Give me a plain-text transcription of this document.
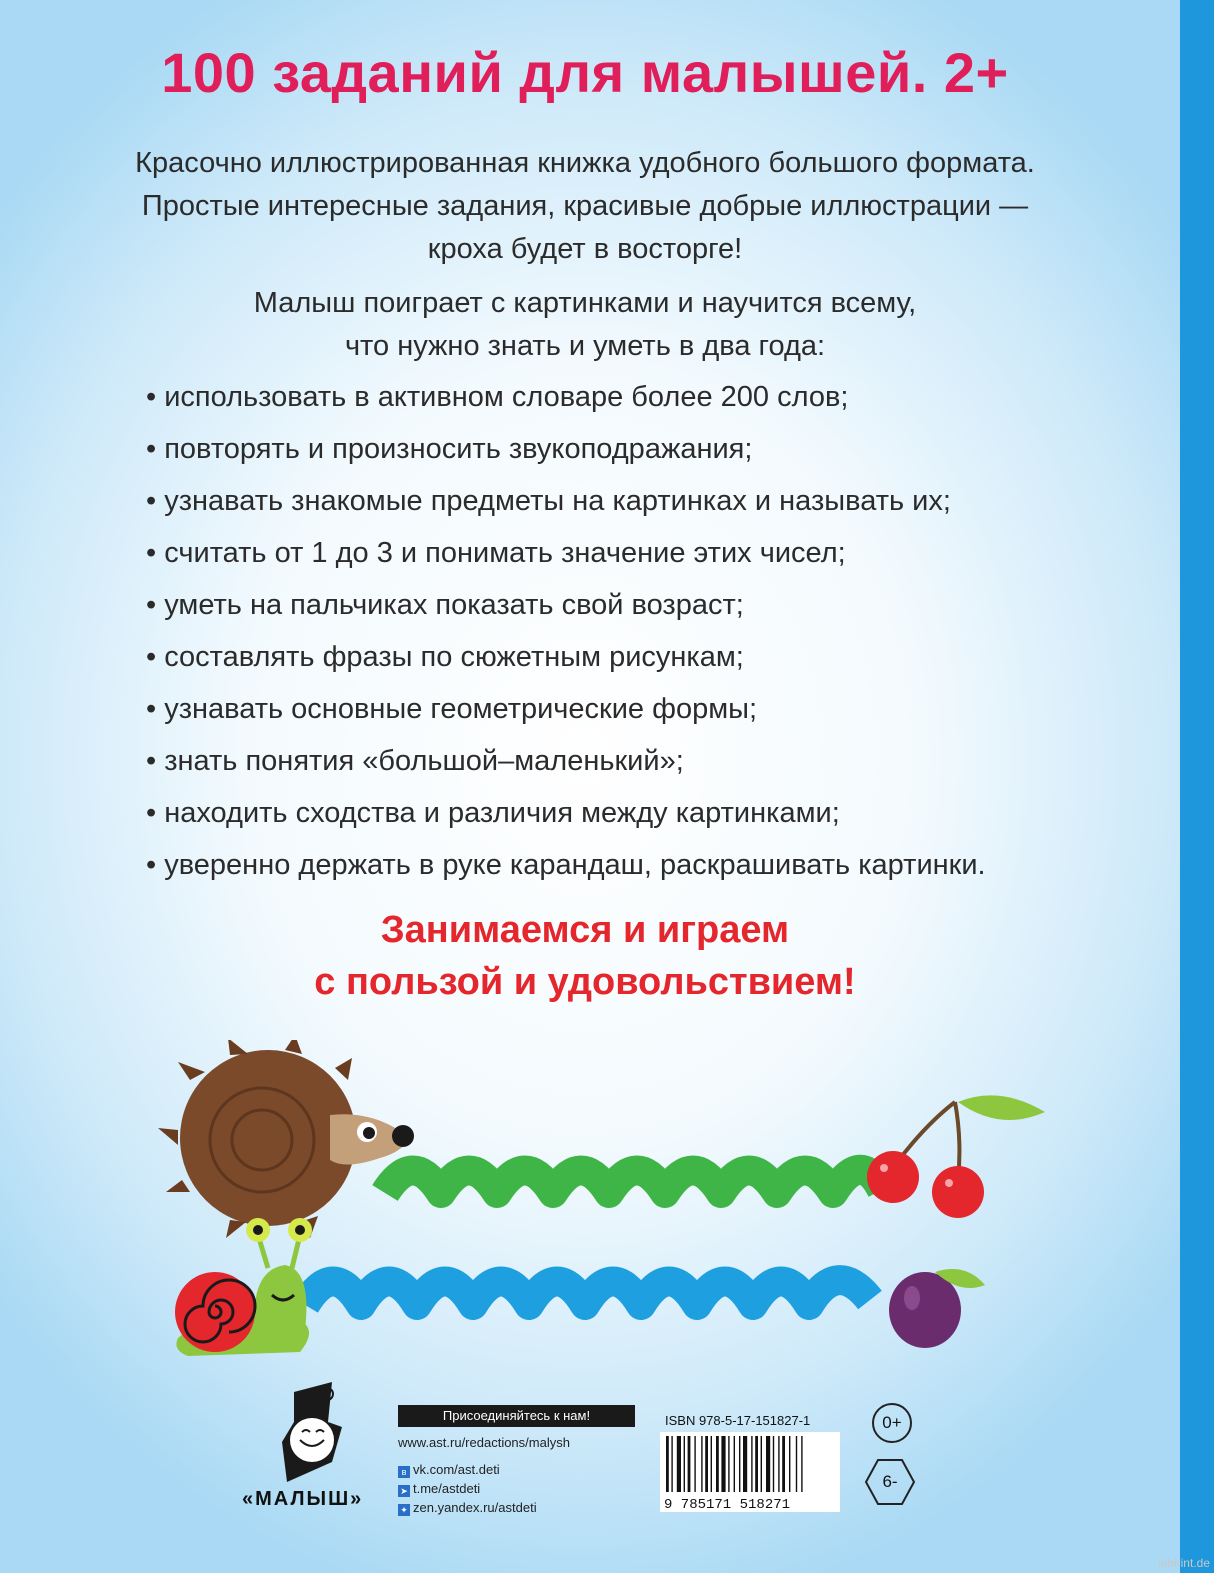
100 заданий для малышей. 2+
Красочно иллюстрированная книжка удобного большого формата.
Простые интересные задания, красивые добрые иллюстрации —
кроха будет в восторге!
Малыш поиграет с картинками и научится всему,
что нужно знать и уметь в два года:
• использовать в активном словаре более 200 слов;
• повторять и произносить звукоподражания;
• узнавать знакомые предметы на картинках и называть их;
• считать от 1 до 3 и понимать значение этих чисел;
• уметь на пальчиках показать свой возраст;
• составлять фразы по сюжетным рисункам;
• узнавать основные геометрические формы;
• знать понятия «большой–маленький»;
• находить сходства и различия между картинками;
• уверенно держать в руке карандаш, раскрашивать картинки.
Занимаемся и играем
с пользой и удовольствием!
«МАЛЫШ»
Присоединяйтесь к нам!
www.ast.ru/redactions/malysh
в vk.com/ast.deti
➤ t.me/astdeti
✦ zen.yandex.ru/astdeti
ISBN 978-5-17-151827-1
9 785171 518271
0+
6-
labirint.de
